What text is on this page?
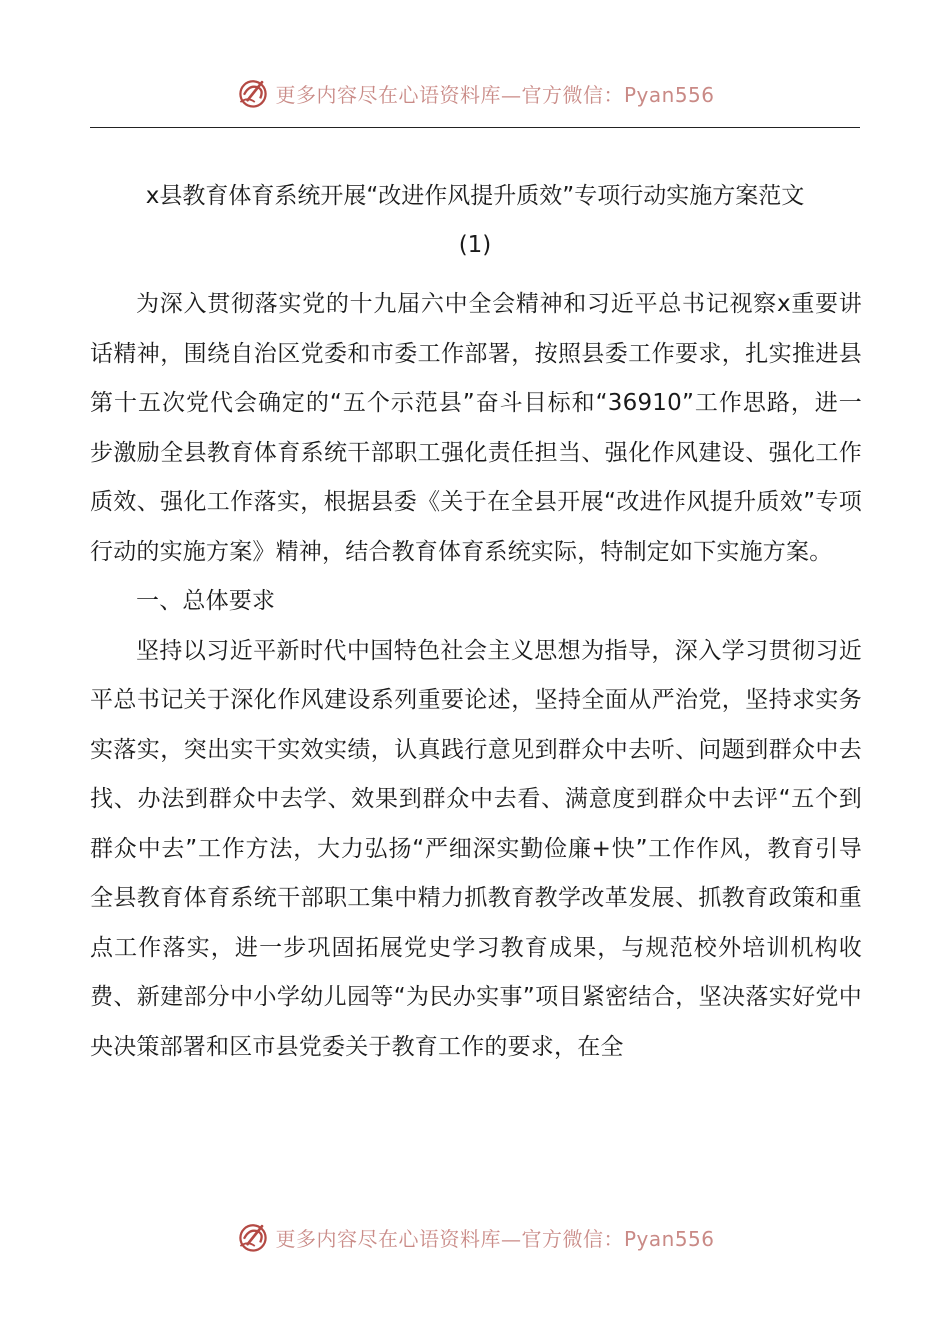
更多内容尽在心语资料库—官方微信：Pyan556
x县教育体育系统开展“改进作风提升质效”专项行动实施方案范文
(1)

为深入贯彻落实党的十九届六中全会精神和习近平总书记视察x重要讲话精神，围绕自治区党委和市委工作部署，按照县委工作要求，扎实推进县第十五次党代会确定的“五个示范县”奋斗目标和“36910”工作思路，进一步激励全县教育体育系统干部职工强化责任担当、强化作风建设、强化工作质效、强化工作落实，根据县委《关于在全县开展“改进作风提升质效”专项行动的实施方案》精神，结合教育体育系统实际，特制定如下实施方案。

一、总体要求

坚持以习近平新时代中国特色社会主义思想为指导，深入学习贯彻习近平总书记关于深化作风建设系列重要论述，坚持全面从严治党，坚持求实务实落实，突出实干实效实绩，认真践行意见到群众中去听、问题到群众中去找、办法到群众中去学、效果到群众中去看、满意度到群众中去评“五个到群众中去”工作方法，大力弘扬“严细深实勤俭廉+快”工作作风，教育引导全县教育体育系统干部职工集中精力抓教育教学改革发展、抓教育政策和重点工作落实，进一步巩固拓展党史学习教育成果，与规范校外培训机构收费、新建部分中小学幼儿园等“为民办实事”项目紧密结合，坚决落实好党中央决策部署和区市县党委关于教育工作的要求，在全

更多内容尽在心语资料库—官方微信：Pyan556
